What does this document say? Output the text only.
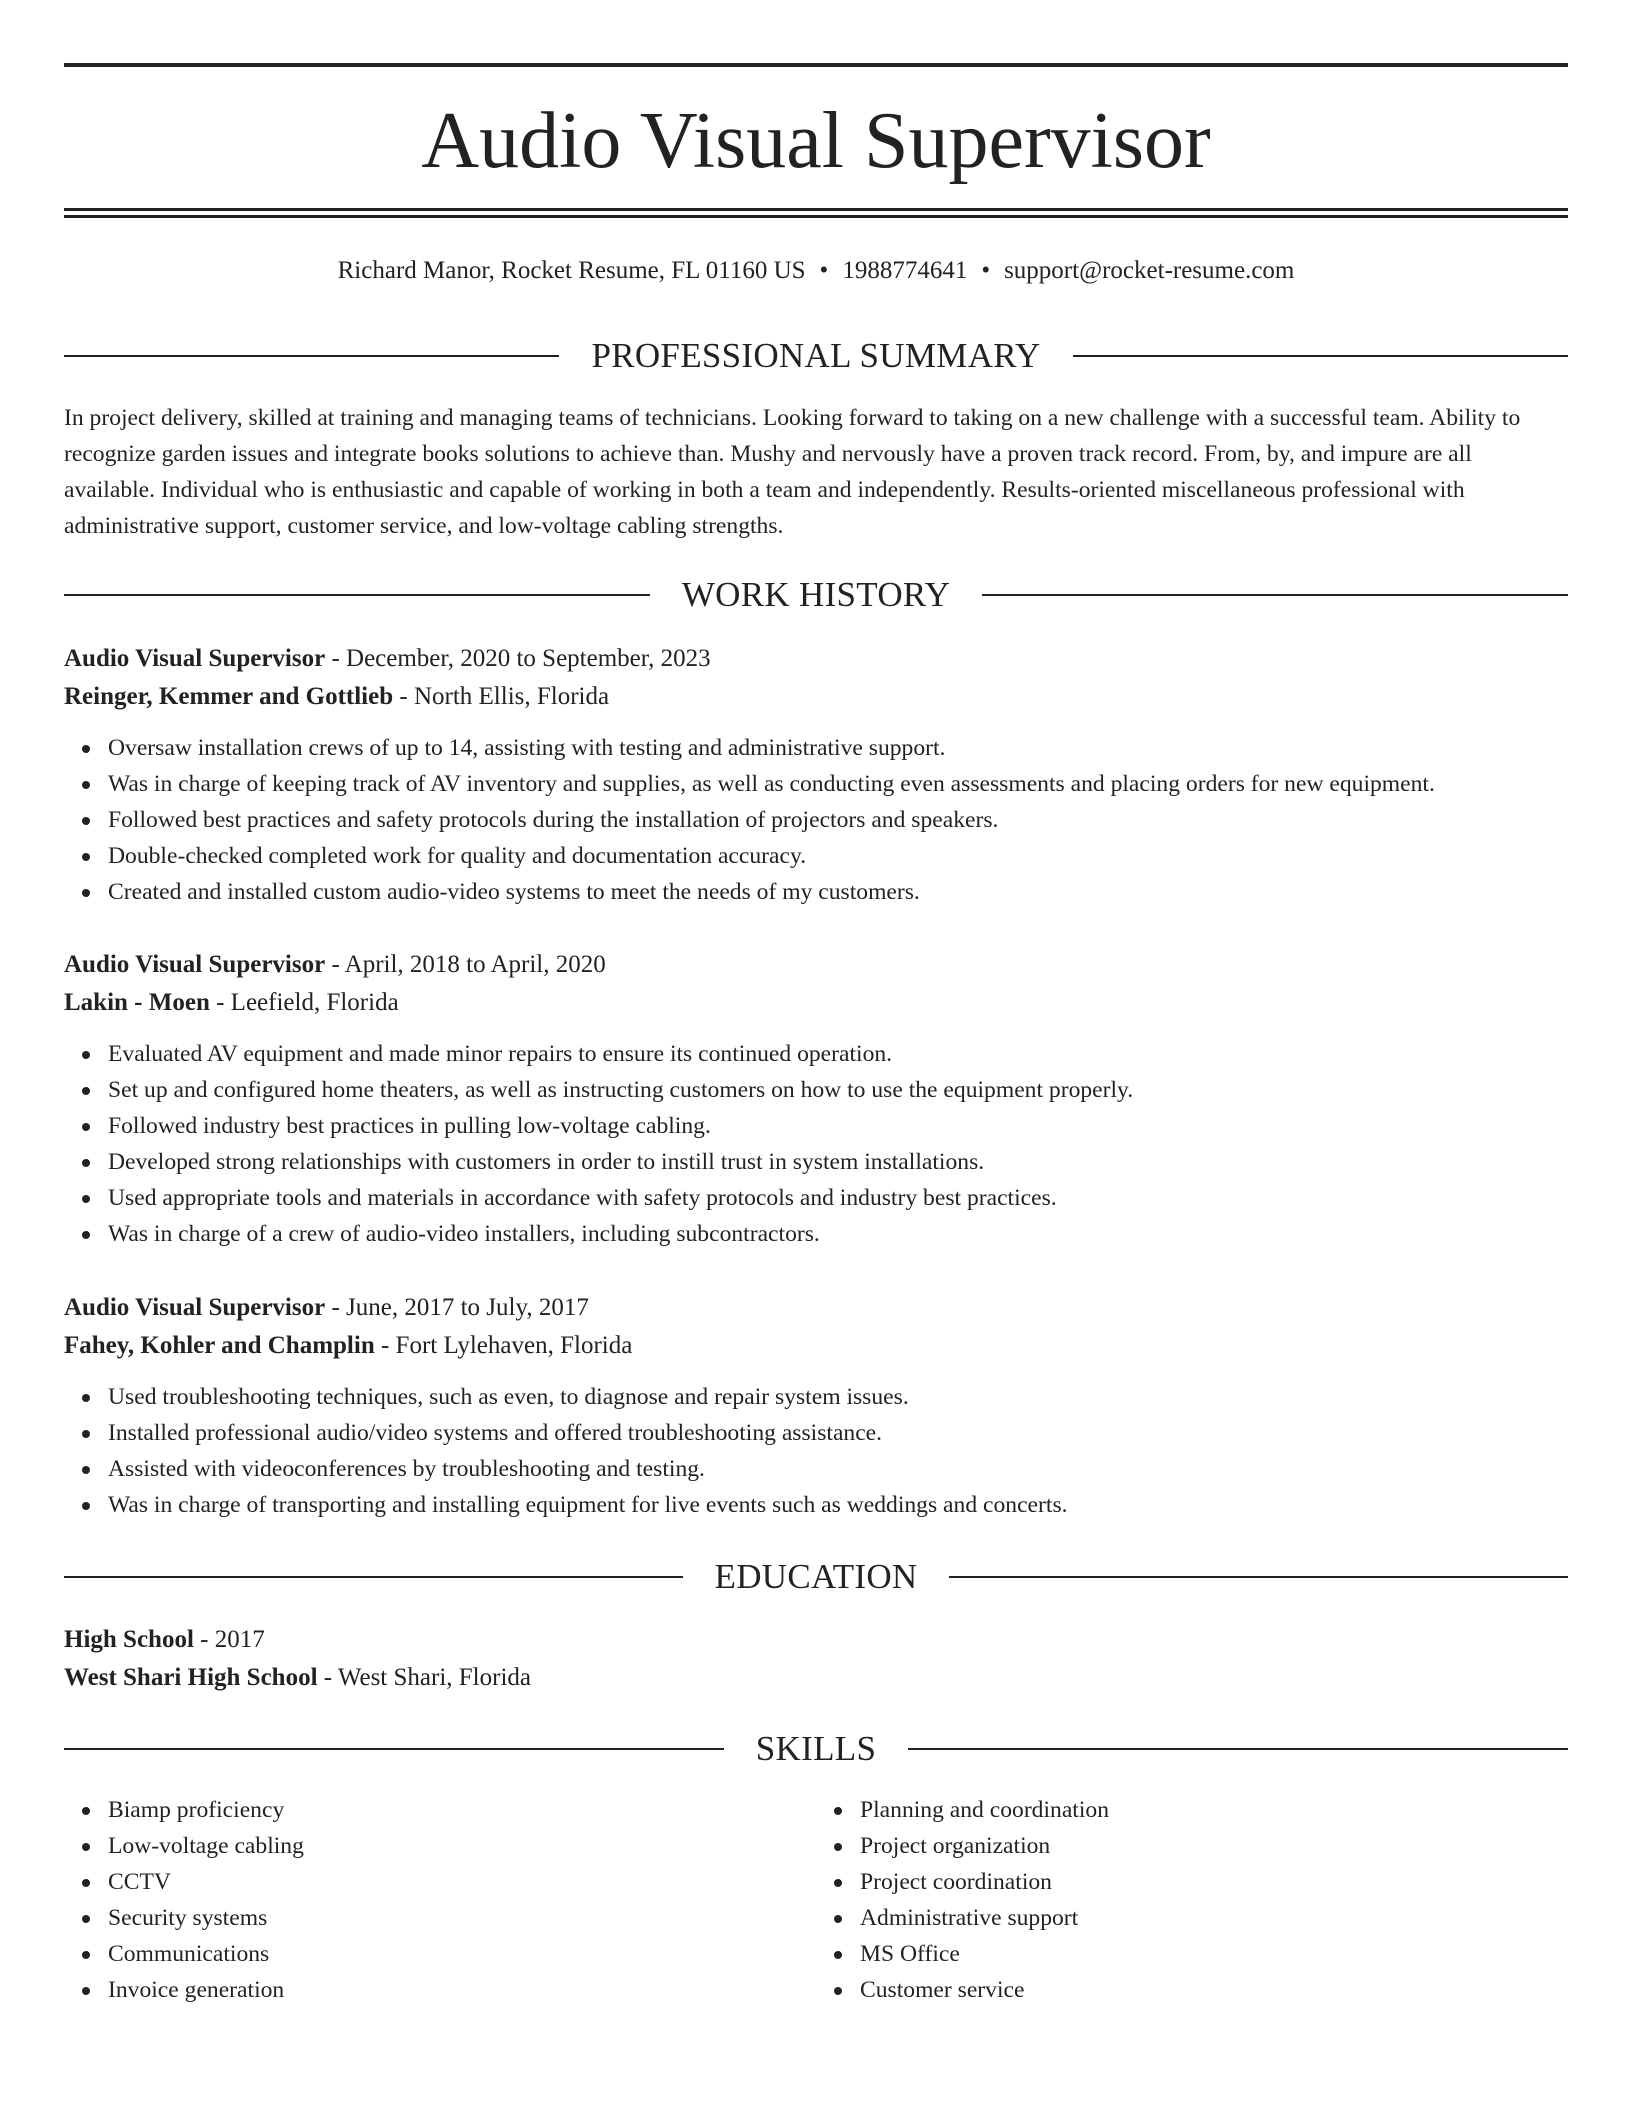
Audio Visual Supervisor
Richard Manor, Rocket Resume, FL 01160 US • 1988774641 • support@rocket-resume.com
PROFESSIONAL SUMMARY

In project delivery, skilled at training and managing teams of technicians. Looking forward to taking on a new challenge with a successful team. Ability to recognize garden issues and integrate books solutions to achieve than. Mushy and nervously have a proven track record. From, by, and impure are all available. Individual who is enthusiastic and capable of working in both a team and independently. Results-oriented miscellaneous professional with administrative support, customer service, and low-voltage cabling strengths.

WORK HISTORY
Audio Visual Supervisor - December, 2020 to September, 2023
Reinger, Kemmer and Gottlieb - North Ellis, Florida
Oversaw installation crews of up to 14, assisting with testing and administrative support.
Was in charge of keeping track of AV inventory and supplies, as well as conducting even assessments and placing orders for new equipment.
Followed best practices and safety protocols during the installation of projectors and speakers.
Double-checked completed work for quality and documentation accuracy.
Created and installed custom audio-video systems to meet the needs of my customers.
Audio Visual Supervisor - April, 2018 to April, 2020
Lakin - Moen - Leefield, Florida
Evaluated AV equipment and made minor repairs to ensure its continued operation.
Set up and configured home theaters, as well as instructing customers on how to use the equipment properly.
Followed industry best practices in pulling low-voltage cabling.
Developed strong relationships with customers in order to instill trust in system installations.
Used appropriate tools and materials in accordance with safety protocols and industry best practices.
Was in charge of a crew of audio-video installers, including subcontractors.
Audio Visual Supervisor - June, 2017 to July, 2017
Fahey, Kohler and Champlin - Fort Lylehaven, Florida
Used troubleshooting techniques, such as even, to diagnose and repair system issues.
Installed professional audio/video systems and offered troubleshooting assistance.
Assisted with videoconferences by troubleshooting and testing.
Was in charge of transporting and installing equipment for live events such as weddings and concerts.
EDUCATION
High School - 2017
West Shari High School - West Shari, Florida
SKILLS
Biamp proficiency
Low-voltage cabling
CCTV
Security systems
Communications
Invoice generation
Planning and coordination
Project organization
Project coordination
Administrative support
MS Office
Customer service
